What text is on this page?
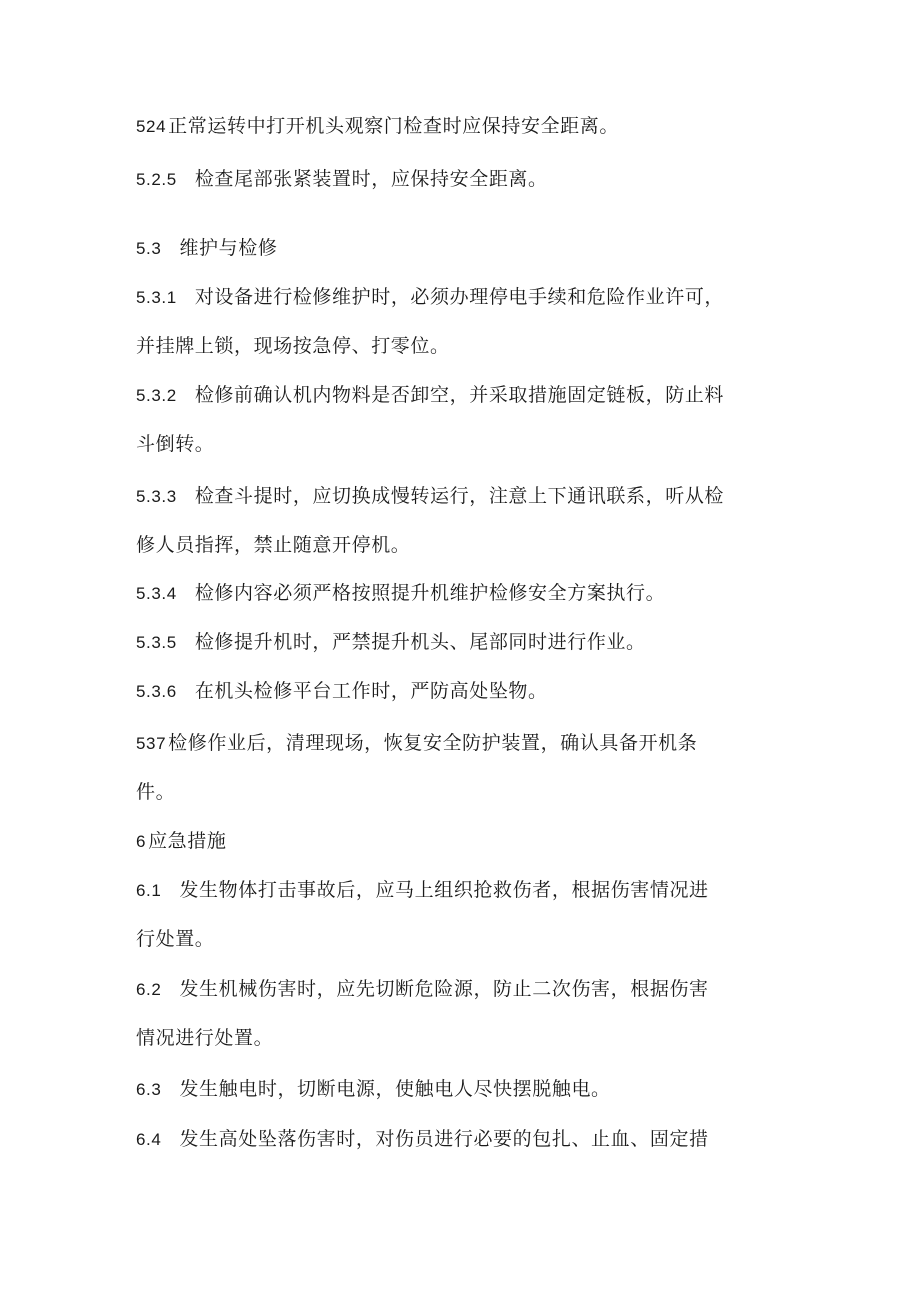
524 正常运转中打开机头观察门检查时应保持安全距离。
5.2.5 检查尾部张紧装置时，应保持安全距离。
5.3 维护与检修
5.3.1 对设备进行检修维护时，必须办理停电手续和危险作业许可，
并挂牌上锁，现场按急停、打零位。
5.3.2 检修前确认机内物料是否卸空，并采取措施固定链板，防止料
斗倒转。
5.3.3 检查斗提时，应切换成慢转运行，注意上下通讯联系，听从检
修人员指挥，禁止随意开停机。
5.3.4 检修内容必须严格按照提升机维护检修安全方案执行。
5.3.5 检修提升机时，严禁提升机头、尾部同时进行作业。
5.3.6 在机头检修平台工作时，严防高处坠物。
537 检修作业后，清理现场，恢复安全防护装置，确认具备开机条
件。
6 应急措施
6.1 发生物体打击事故后，应马上组织抢救伤者，根据伤害情况进
行处置。
6.2 发生机械伤害时，应先切断危险源，防止二次伤害，根据伤害
情况进行处置。
6.3 发生触电时，切断电源，使触电人尽快摆脱触电。
6.4 发生高处坠落伤害时，对伤员进行必要的包扎、止血、固定措
